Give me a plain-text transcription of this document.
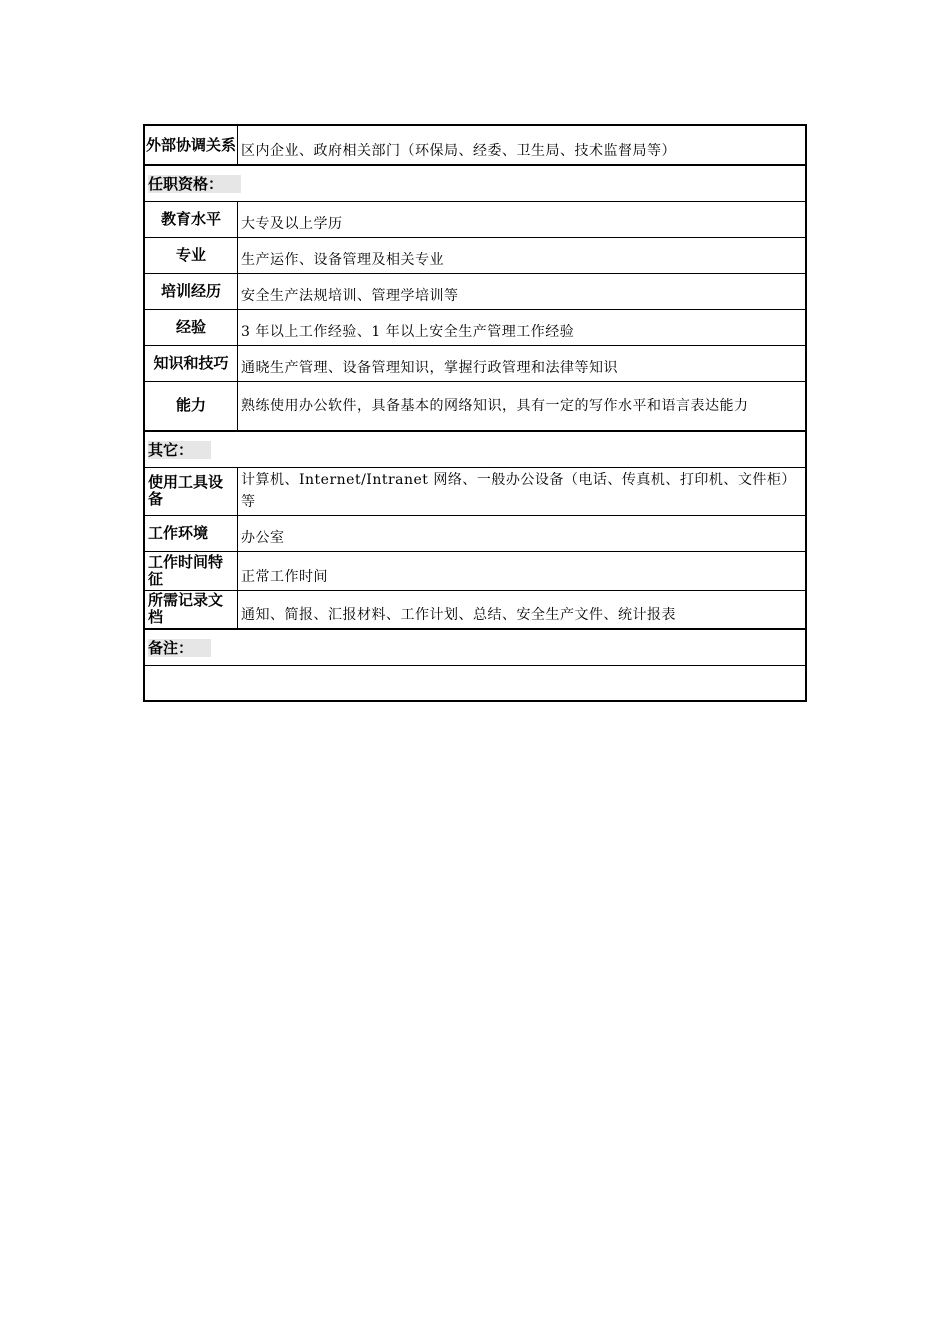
外部协调关系	区内企业、政府相关部门（环保局、经委、卫生局、技术监督局等）
任职资格：	
教育水平	大专及以上学历
专业	生产运作、设备管理及相关专业
培训经历	安全生产法规培训、管理学培训等
经验	3 年以上工作经验、1 年以上安全生产管理工作经验
知识和技巧	通晓生产管理、设备管理知识，掌握行政管理和法律等知识
能力	熟练使用办公软件，具备基本的网络知识，具有一定的写作水平和语言表达能力
其它：	
使用工具设备	计算机、Internet/Intranet 网络、一般办公设备（电话、传真机、打印机、文件柜）等
工作环境	办公室
工作时间特征	正常工作时间
所需记录文档	通知、简报、汇报材料、工作计划、总结、安全生产文件、统计报表
备注：	
